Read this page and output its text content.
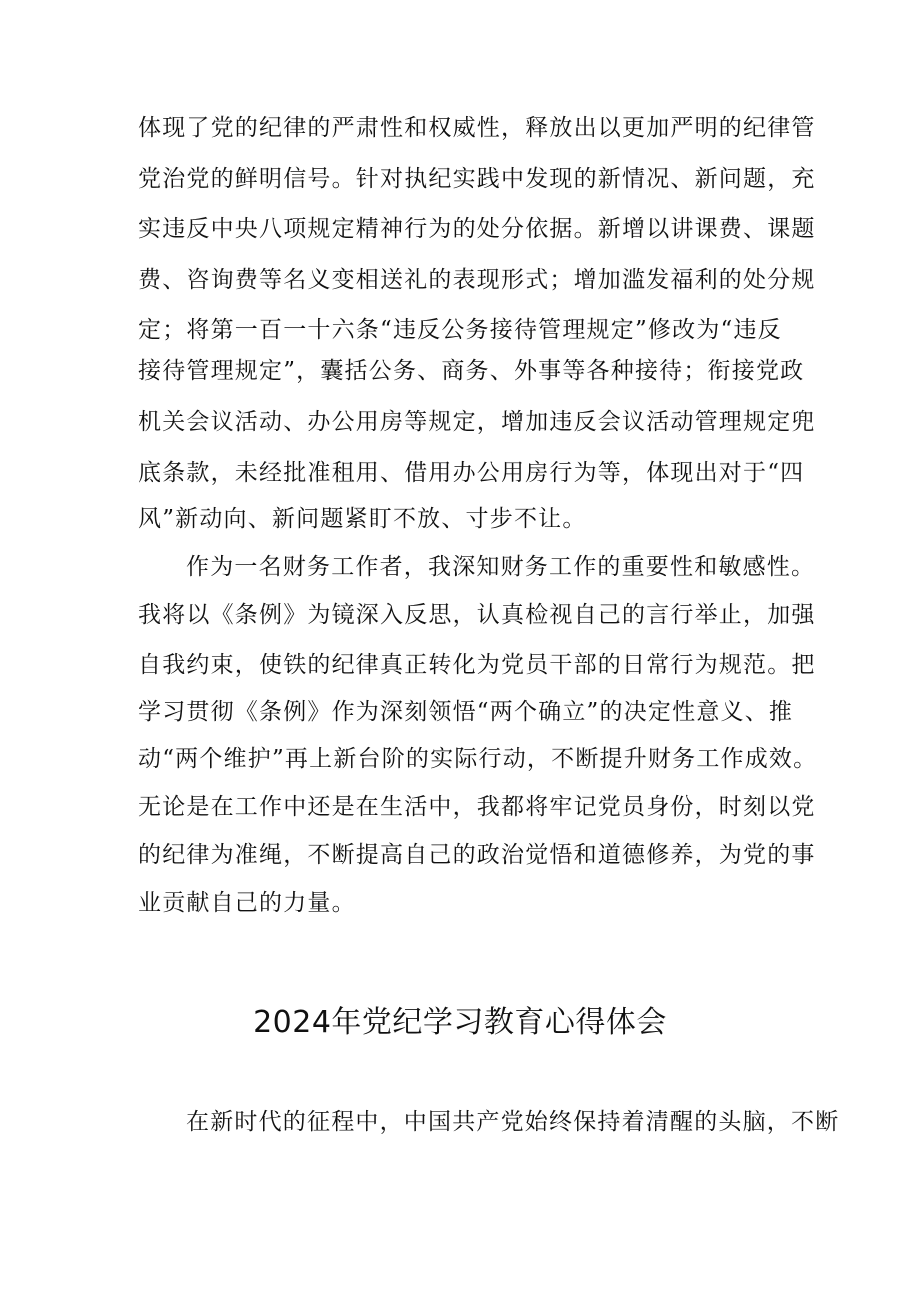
体现了党的纪律的严肃性和权威性，释放出以更加严明的纪律管
党治党的鲜明信号。针对执纪实践中发现的新情况、新问题，充
实违反中央八项规定精神行为的处分依据。新增以讲课费、课题
费、咨询费等名义变相送礼的表现形式；增加滥发福利的处分规
定；将第一百一十六条“违反公务接待管理规定”修改为“违反
接待管理规定”，囊括公务、商务、外事等各种接待；衔接党政
机关会议活动、办公用房等规定，增加违反会议活动管理规定兜
底条款，未经批准租用、借用办公用房行为等，体现出对于“四
风”新动向、新问题紧盯不放、寸步不让。
作为一名财务工作者，我深知财务工作的重要性和敏感性。
我将以《条例》为镜深入反思，认真检视自己的言行举止，加强
自我约束，使铁的纪律真正转化为党员干部的日常行为规范。把
学习贯彻《条例》作为深刻领悟“两个确立”的决定性意义、推
动“两个维护”再上新台阶的实际行动，不断提升财务工作成效。
无论是在工作中还是在生活中，我都将牢记党员身份，时刻以党
的纪律为准绳，不断提高自己的政治觉悟和道德修养，为党的事
业贡献自己的力量。
2024年党纪学习教育心得体会
在新时代的征程中，中国共产党始终保持着清醒的头脑，不断
